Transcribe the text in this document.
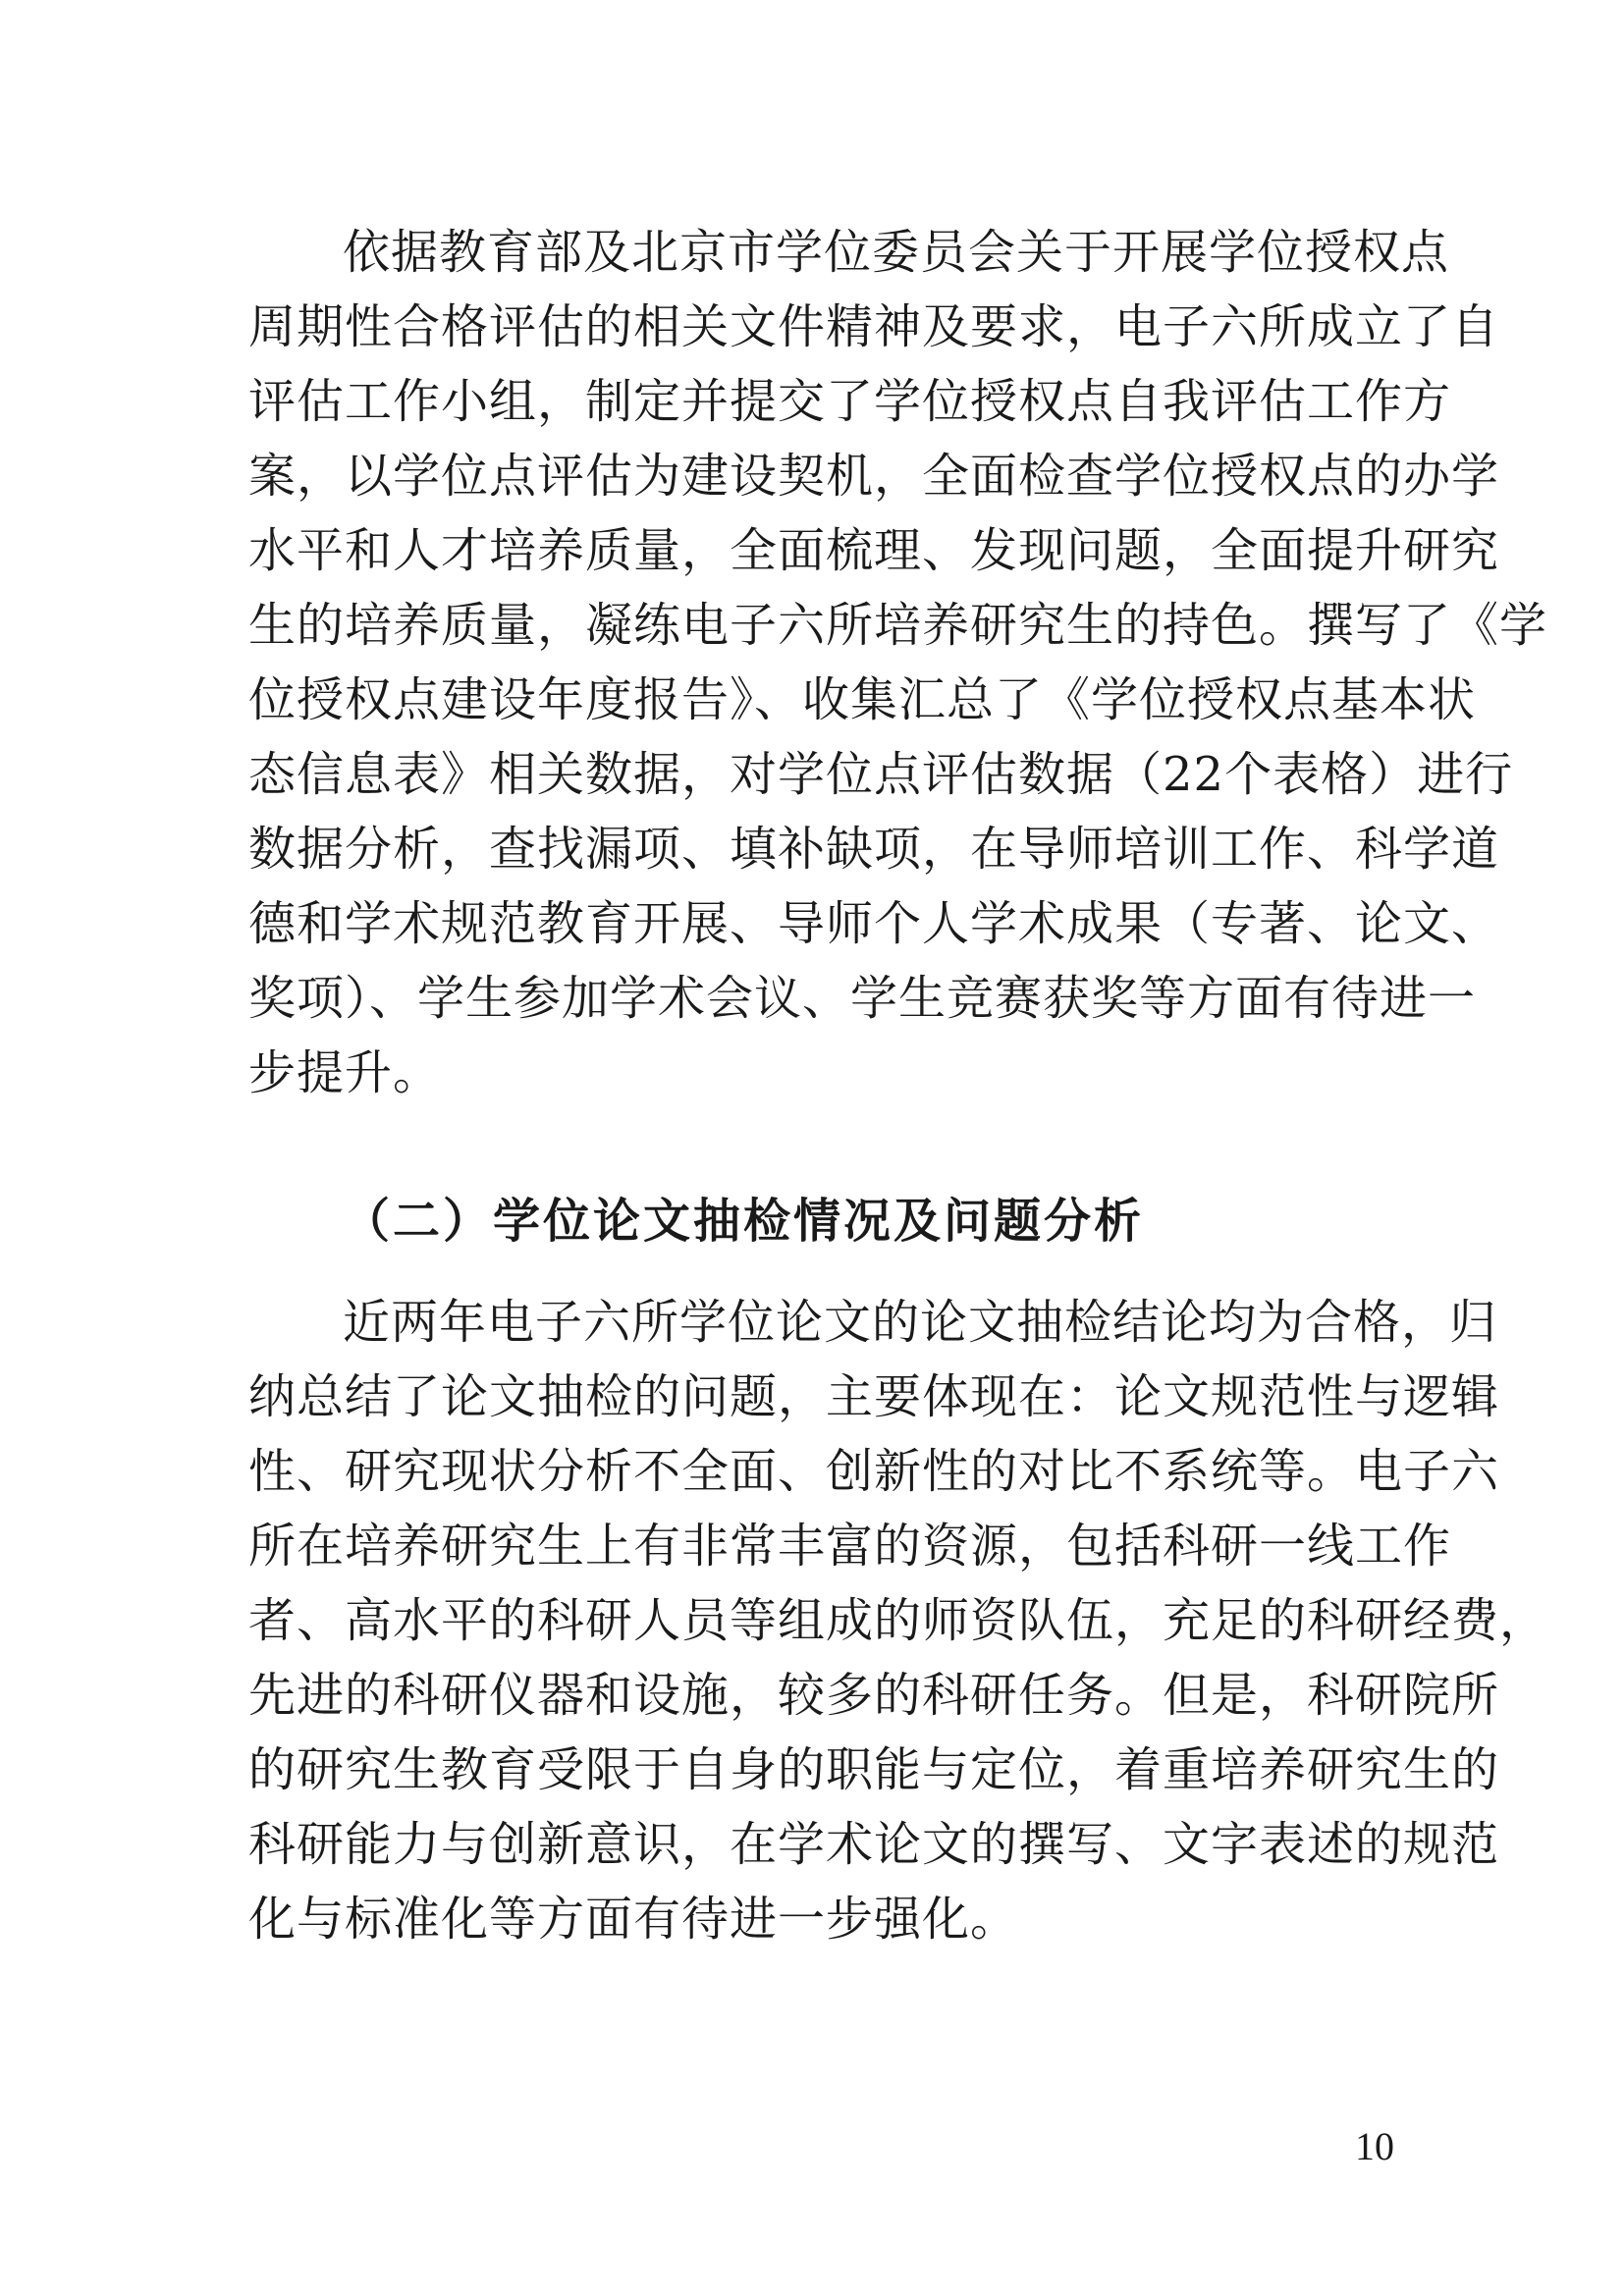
依据教育部及北京市学位委员会关于开展学位授权点
周期性合格评估的相关文件精神及要求，电子六所成立了自
评估工作小组，制定并提交了学位授权点自我评估工作方
案，以学位点评估为建设契机，全面检查学位授权点的办学
水平和人才培养质量，全面梳理、发现问题，全面提升研究
生的培养质量，凝练电子六所培养研究生的持色。撰写了《学
位授权点建设年度报告》、收集汇总了《学位授权点基本状
态信息表》相关数据，对学位点评估数据（22个表格）进行
数据分析，查找漏项、填补缺项，在导师培训工作、科学道
德和学术规范教育开展、导师个人学术成果（专著、论文、
奖项）、学生参加学术会议、学生竞赛获奖等方面有待进一
步提升。
（二）学位论文抽检情况及问题分析
近两年电子六所学位论文的论文抽检结论均为合格，归
纳总结了论文抽检的问题，主要体现在：论文规范性与逻辑
性、研究现状分析不全面、创新性的对比不系统等。电子六
所在培养研究生上有非常丰富的资源，包括科研一线工作
者、高水平的科研人员等组成的师资队伍，充足的科研经费，
先进的科研仪器和设施，较多的科研任务。但是，科研院所
的研究生教育受限于自身的职能与定位，着重培养研究生的
科研能力与创新意识，在学术论文的撰写、文字表述的规范
化与标准化等方面有待进一步强化。
10
